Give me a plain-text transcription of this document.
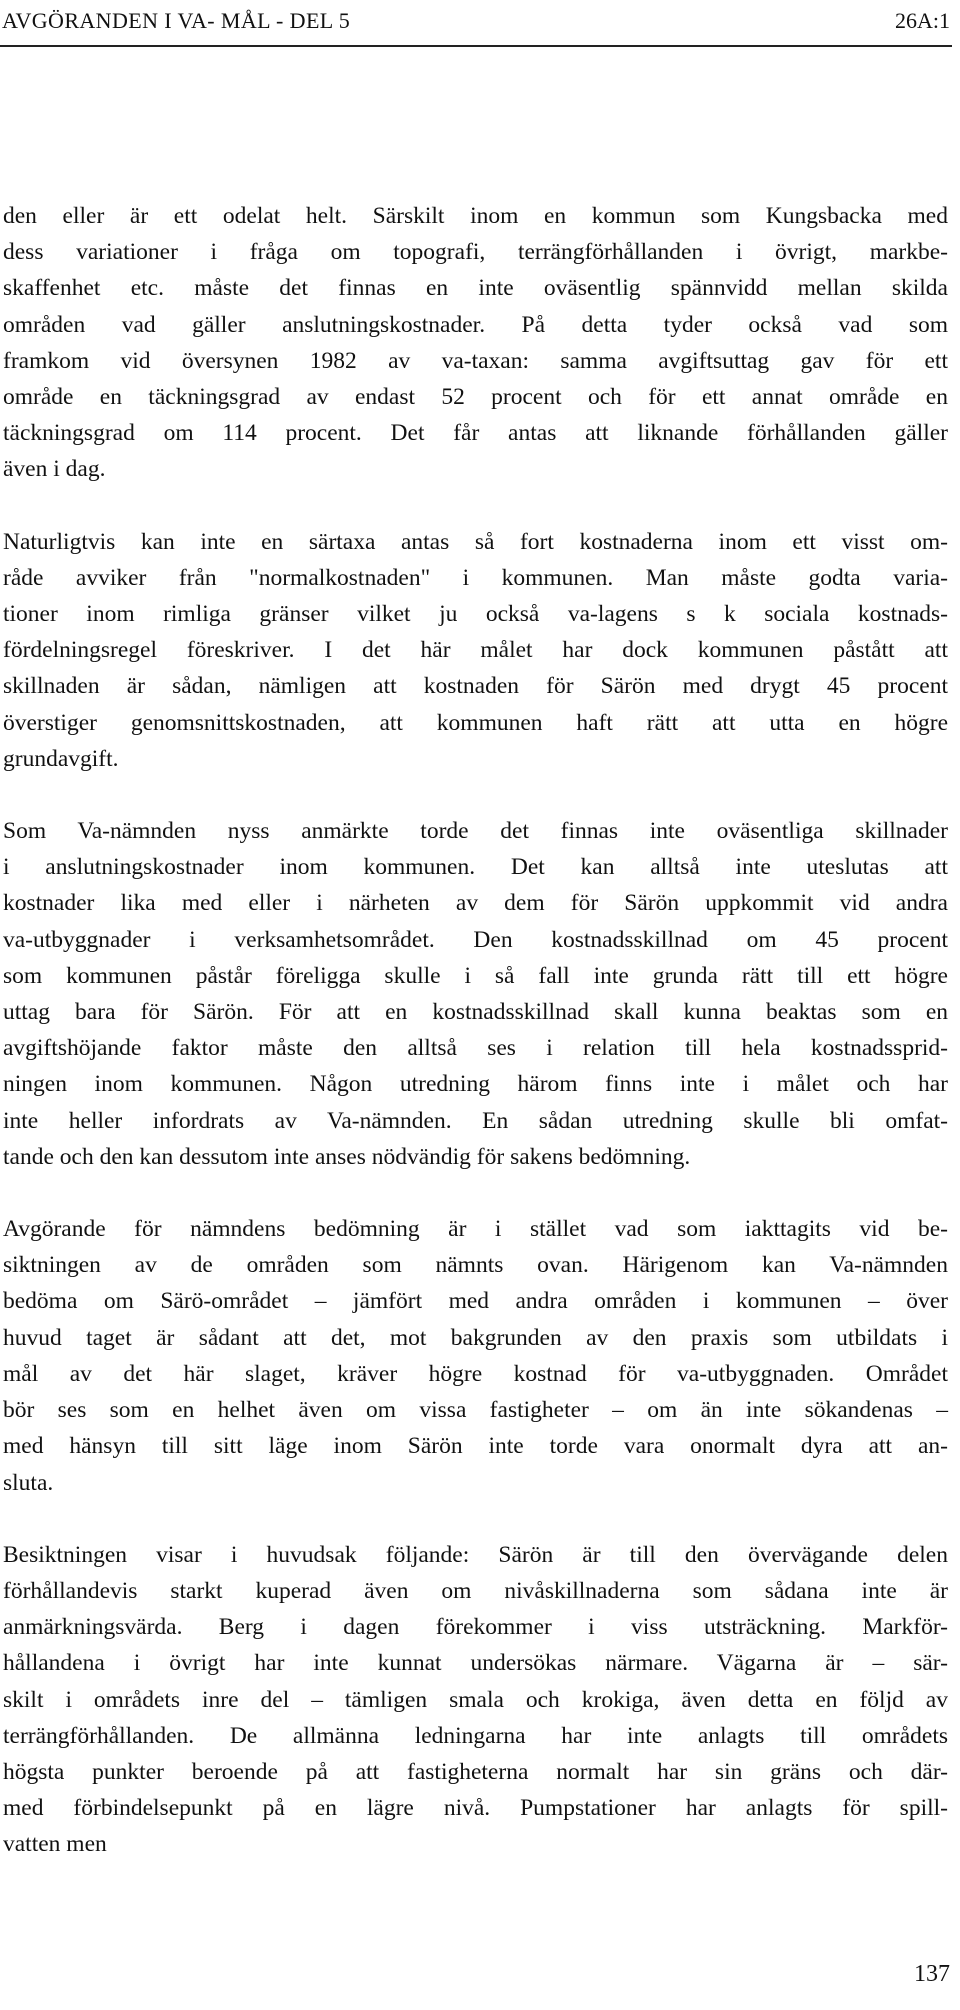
AVGÖRANDEN I VA- MÅL - DEL 5	26A:1
den eller är ett odelat helt. Särskilt inom en kommun som Kungsbacka med
dess variationer i fråga om topografi, terrängförhållanden i övrigt, markbe-
skaffenhet etc. måste det finnas en inte oväsentlig spännvidd mellan skilda
områden vad gäller anslutningskostnader. På detta tyder också vad som
framkom vid översynen 1982 av va-taxan: samma avgiftsuttag gav för ett
område en täckningsgrad av endast 52 procent och för ett annat område en
täckningsgrad om 114 procent. Det får antas att liknande förhållanden gäller
även i dag.
Naturligtvis kan inte en särtaxa antas så fort kostnaderna inom ett visst om-
råde avviker från "normalkostnaden" i kommunen. Man måste godta varia-
tioner inom rimliga gränser vilket ju också va-lagens s k sociala kostnads-
fördelningsregel föreskriver. I det här målet har dock kommunen påstått att
skillnaden är sådan, nämligen att kostnaden för Särön med drygt 45 procent
överstiger genomsnittskostnaden, att kommunen haft rätt att utta en högre
grundavgift.
Som Va-nämnden nyss anmärkte torde det finnas inte oväsentliga skillnader
i anslutningskostnader inom kommunen. Det kan alltså inte uteslutas att
kostnader lika med eller i närheten av dem för Särön uppkommit vid andra
va-utbyggnader i verksamhetsområdet. Den kostnadsskillnad om 45 procent
som kommunen påstår föreligga skulle i så fall inte grunda rätt till ett högre
uttag bara för Särön. För att en kostnadsskillnad skall kunna beaktas som en
avgiftshöjande faktor måste den alltså ses i relation till hela kostnadssprid-
ningen inom kommunen. Någon utredning härom finns inte i målet och har
inte heller infordrats av Va-nämnden. En sådan utredning skulle bli omfat-
tande och den kan dessutom inte anses nödvändig för sakens bedömning.
Avgörande för nämndens bedömning är i stället vad som iakttagits vid be-
siktningen av de områden som nämnts ovan. Härigenom kan Va-nämnden
bedöma om Särö-området – jämfört med andra områden i kommunen – över
huvud taget är sådant att det, mot bakgrunden av den praxis som utbildats i
mål av det här slaget, kräver högre kostnad för va-utbyggnaden. Området
bör ses som en helhet även om vissa fastigheter – om än inte sökandenas –
med hänsyn till sitt läge inom Särön inte torde vara onormalt dyra att an-
sluta.
Besiktningen visar i huvudsak följande: Särön är till den övervägande delen
förhållandevis starkt kuperad även om nivåskillnaderna som sådana inte är
anmärkningsvärda. Berg i dagen förekommer i viss utsträckning. Markför-
hållandena i övrigt har inte kunnat undersökas närmare. Vägarna är – sär-
skilt i områdets inre del – tämligen smala och krokiga, även detta en följd av
terrängförhållanden. De allmänna ledningarna har inte anlagts till områdets
högsta punkter beroende på att fastigheterna normalt har sin gräns och där-
med förbindelsepunkt på en lägre nivå. Pumpstationer har anlagts för spill-
vatten men
137
